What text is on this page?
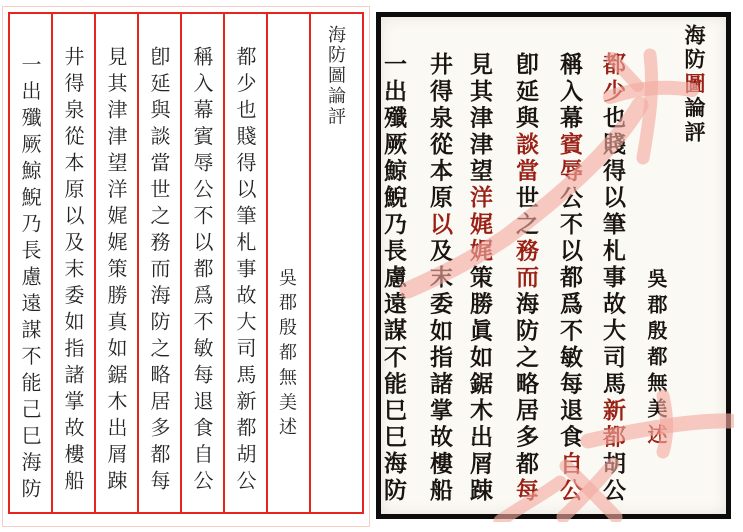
海防圖論評
吳郡殷都無美述
都少也賤得以筆札事故大司馬新都胡公
稱入幕賓辱公不以都爲不敏每退食自公
卽延與談當世之務而海防之略居多都每
見其津津望洋娓娓策勝真如鋸木出屑踈
井得泉從本原以及末委如指諸掌故樓船
一出殲厥鯨鯢乃長慮遠謀不能己巳海防
海防圖論評
吳郡殷都無美述
都少也賤得以筆札事故大司馬新都胡公
稱入幕賓辱公不以都爲不敏每退食自公
卽延與談當世之務而海防之略居多都每
見其津津望洋娓娓策勝眞如鋸木出屑踈
井得泉從本原以及末委如指諸掌故樓船
一出殲厥鯨鯢乃長慮遠謀不能巳巳海防
